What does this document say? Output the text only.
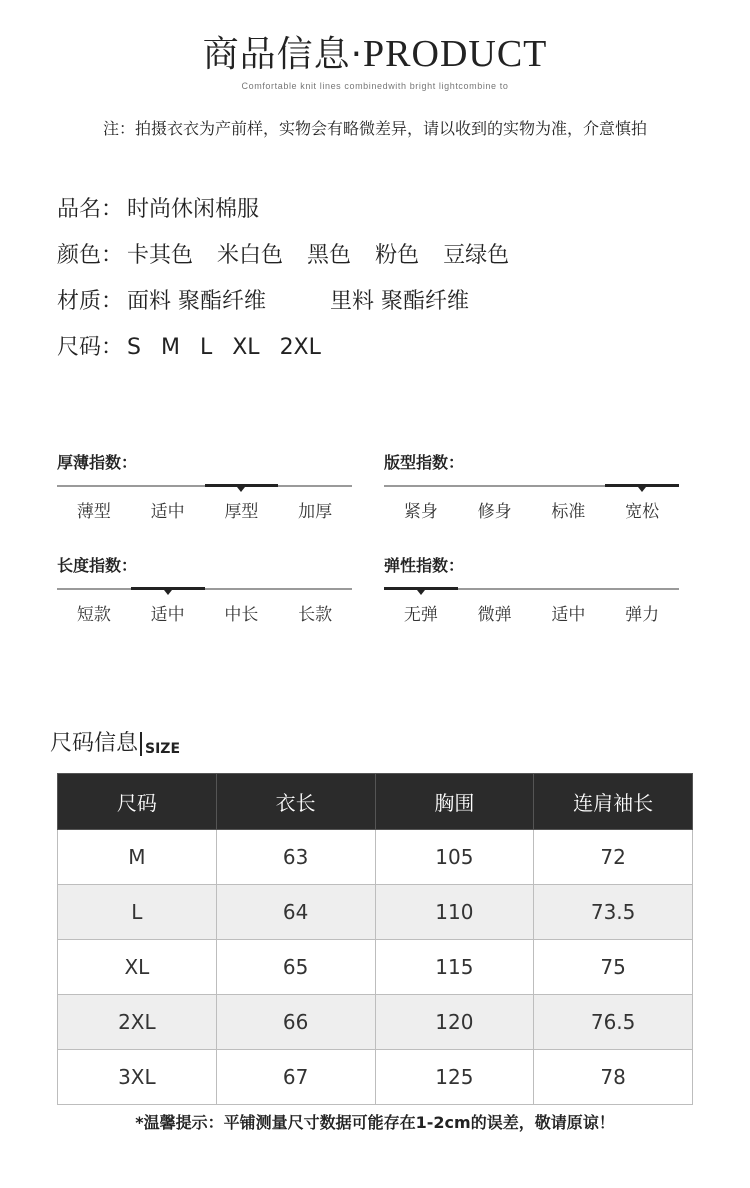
商品信息·PRODUCT
Comfortable knit lines combinedwith bright lightcombine to
注：拍摄衣衣为产前样，实物会有略微差异，请以收到的实物为准，介意慎拍
品名： 时尚休闲棉服
颜色： 卡其色 米白色 黑色 粉色 豆绿色
材质： 面料 聚酯纤维	里料 聚酯纤维
尺码： S M L XL 2XL
厚薄指数：
薄型	适中	厚型	加厚
版型指数：
紧身	修身	标准	宽松
长度指数：
短款	适中	中长	长款
弹性指数：
无弹	微弹	适中	弹力
尺码信息 SIZE
尺码	衣长	胸围	连肩袖长
M	63	105	72
L	64	110	73.5
XL	65	115	75
2XL	66	120	76.5
3XL	67	125	78
*温馨提示：平铺测量尺寸数据可能存在1-2cm的误差，敬请原谅！
